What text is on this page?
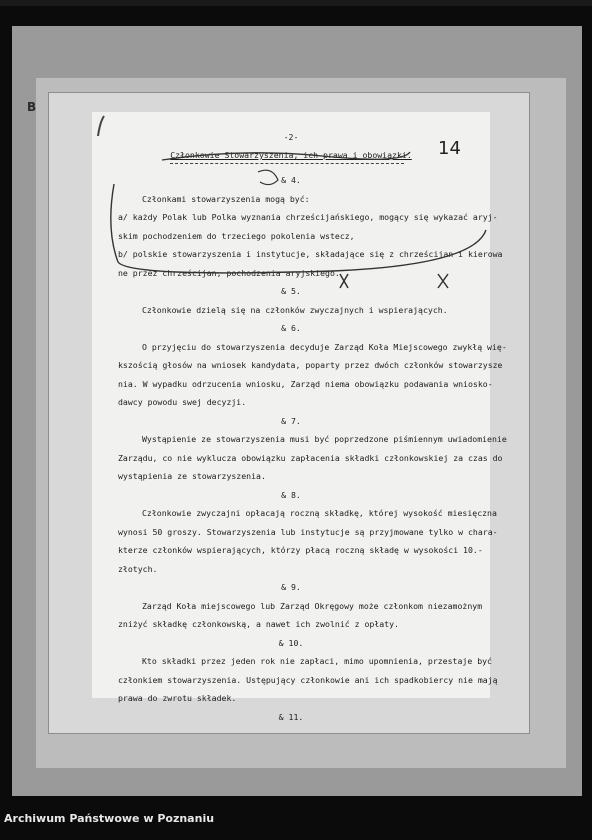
B
-2-
Członkowie Stowarzyszenia, ich prawa i obowiązki.
& 4.
Członkami stowarzyszenia mogą być:
a/ każdy Polak lub Polka wyznania chrześcijańskiego, mogący się wykazać aryj-
skim pochodzeniem do trzeciego pokolenia wstecz,
b/ polskie stowarzyszenia i instytucje, składające się z chrześcijan i kierowa
ne przez chrześcijan, pochodzenia aryjskiego.
& 5.
Członkowie dzielą się na członków zwyczajnych i wspierających.
& 6.
O przyjęciu do stowarzyszenia decyduje Zarząd Koła Miejscowego zwykłą wię-
kszością głosów na wniosek kandydata, poparty przez dwóch członków stowarzysze
nia. W wypadku odrzucenia wniosku, Zarząd niema obowiązku podawania wniosko-
dawcy powodu swej decyzji.
& 7.
Wystąpienie ze stowarzyszenia musi być poprzedzone piśmiennym uwiadomienie
Zarządu, co nie wyklucza obowiązku zapłacenia składki członkowskiej za czas do
wystąpienia ze stowarzyszenia.
& 8.
Członkowie zwyczajni opłacają roczną składkę, której wysokość miesięczna
wynosi 50 groszy. Stowarzyszenia lub instytucje są przyjmowane tylko w chara-
kterze członków wspierających, którzy płacą roczną składę w wysokości 10.-
złotych.
& 9.
Zarząd Koła miejscowego lub Zarząd Okręgowy może członkom niezamożnym
zniżyć składkę członkowską, a nawet ich zwolnić z opłaty.
& 10.
Kto składki przez jeden rok nie zapłaci, mimo upomnienia, przestaje być
członkiem stowarzyszenia. Ustępujący członkowie ani ich spadkobiercy nie mają
prawa do zwrotu składek.
& 11.
14
Archiwum Państwowe w Poznaniu
